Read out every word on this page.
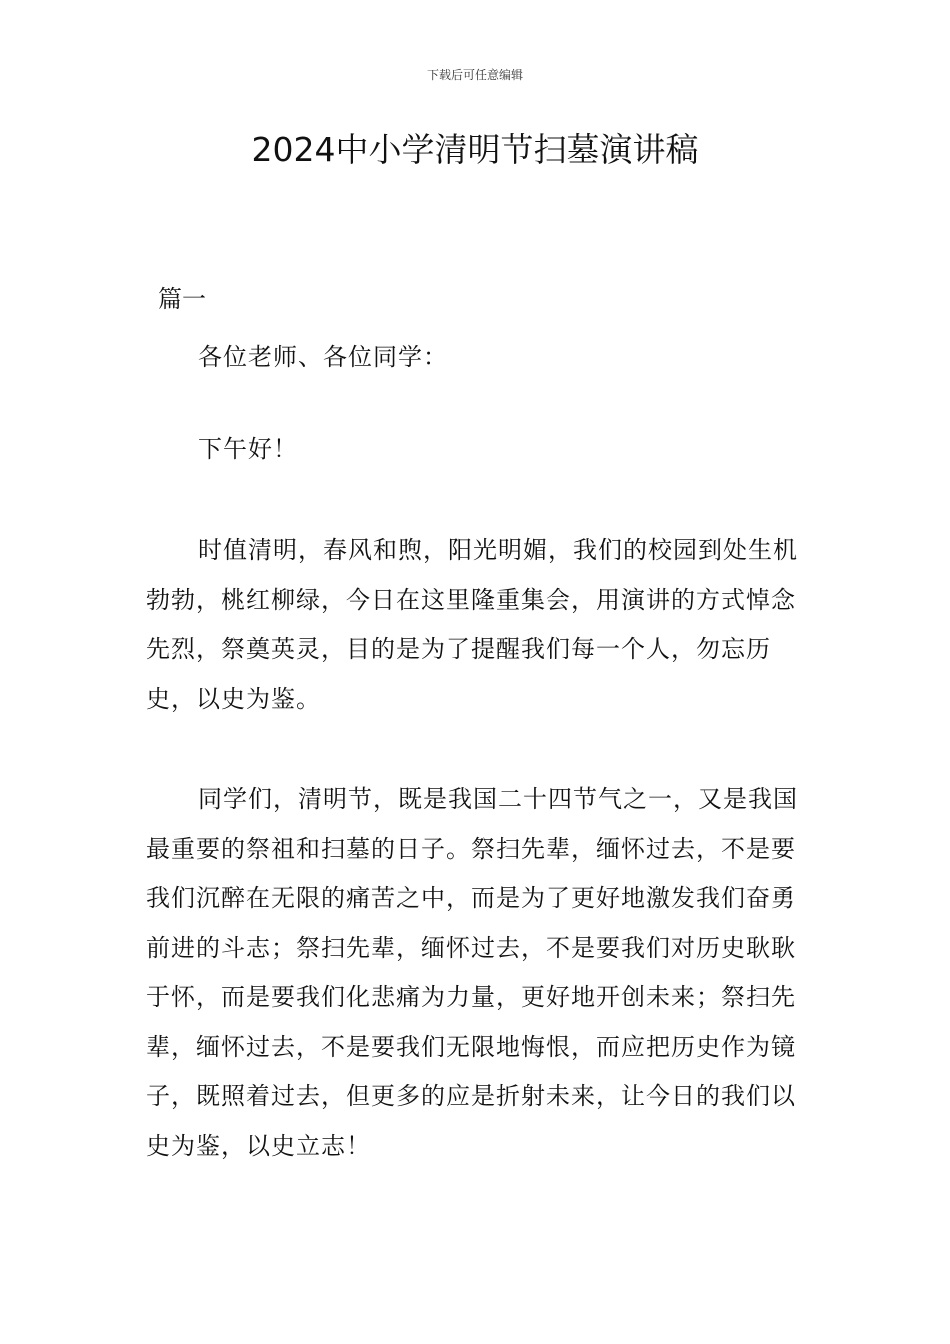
下载后可任意编辑
2024中小学清明节扫墓演讲稿
篇一

各位老师、各位同学：

下午好！

时值清明，春风和煦，阳光明媚，我们的校园到处生机勃勃，桃红柳绿，今日在这里隆重集会，用演讲的方式悼念先烈，祭奠英灵，目的是为了提醒我们每一个人，勿忘历史，以史为鉴。

同学们，清明节，既是我国二十四节气之一，又是我国最重要的祭祖和扫墓的日子。祭扫先辈，缅怀过去，不是要我们沉醉在无限的痛苦之中，而是为了更好地激发我们奋勇前进的斗志；祭扫先辈，缅怀过去，不是要我们对历史耿耿于怀，而是要我们化悲痛为力量，更好地开创未来；祭扫先辈，缅怀过去，不是要我们无限地悔恨，而应把历史作为镜子，既照着过去，但更多的应是折射未来，让今日的我们以史为鉴，以史立志！
